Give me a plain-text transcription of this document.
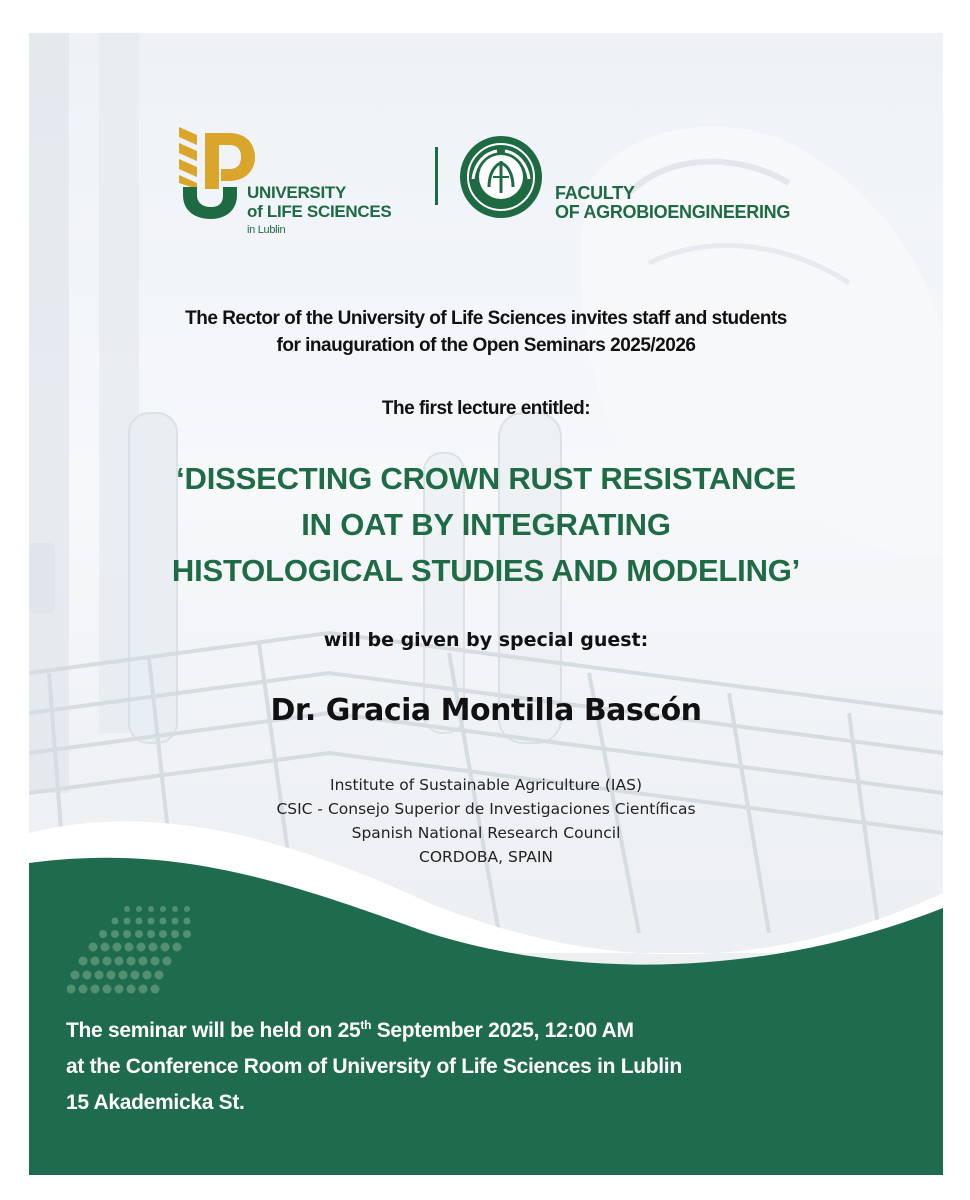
UNIVERSITY
of LIFE SCIENCES
in Lublin
FACULTY
OF AGROBIOENGINEERING
The Rector of the University of Life Sciences invites staff and students
for inauguration of the Open Seminars 2025/2026
The first lecture entitled:
‘DISSECTING CROWN RUST RESISTANCE
IN OAT BY INTEGRATING
HISTOLOGICAL STUDIES AND MODELING’
will be given by special guest:
Dr. Gracia Montilla Bascón
Institute of Sustainable Agriculture (IAS)
CSIC - Consejo Superior de Investigaciones Científicas
Spanish National Research Council
CORDOBA, SPAIN
The seminar will be held on 25th September 2025, 12:00 AM
at the Conference Room of University of Life Sciences in Lublin
15 Akademicka St.
